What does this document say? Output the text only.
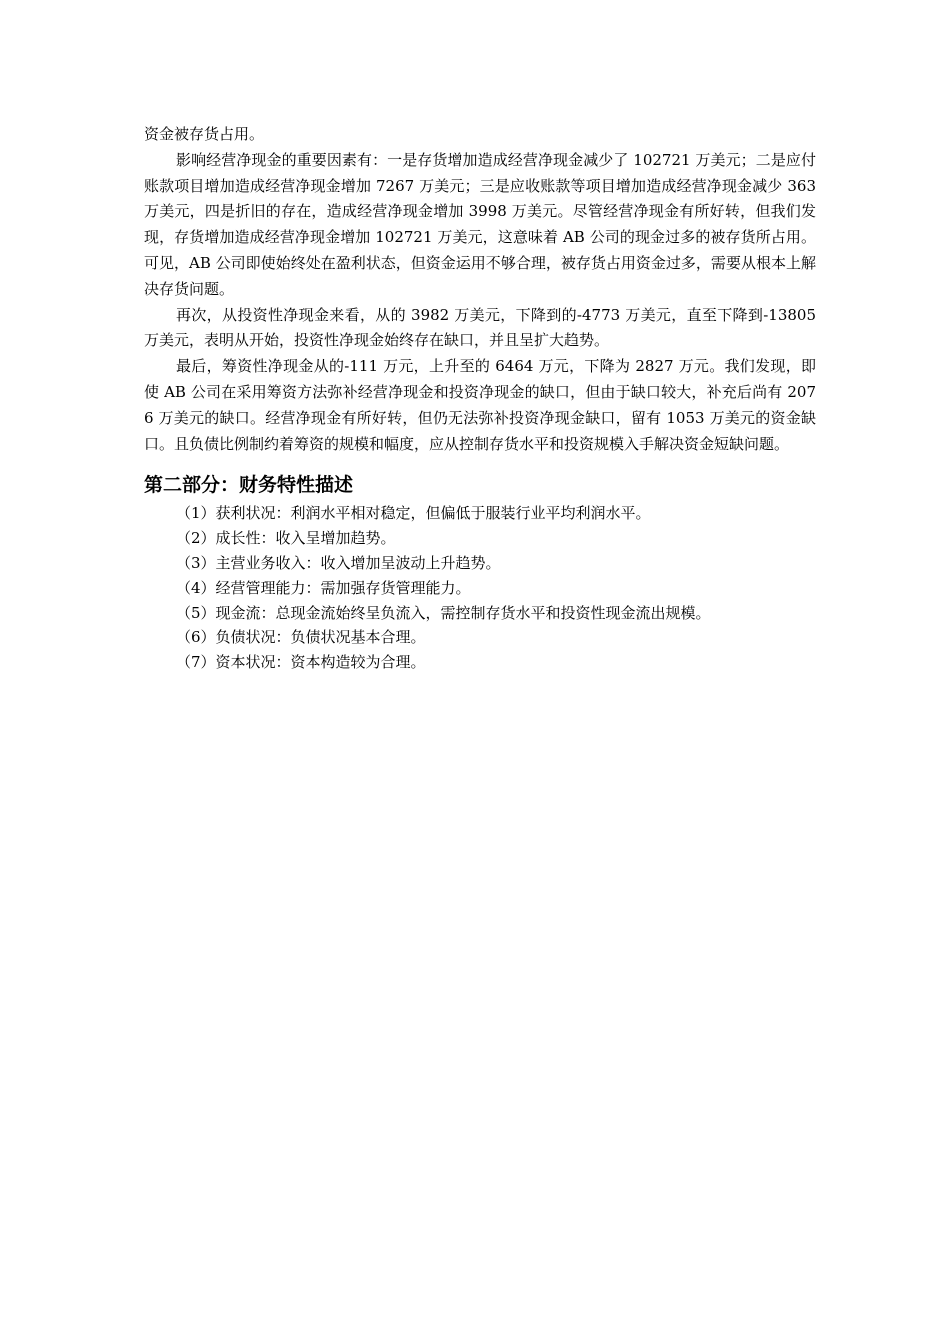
资金被存货占用。

影响经营净现金的重要因素有：一是存货增加造成经营净现金减少了 102721 万美元；二是应付账款项目增加造成经营净现金增加 7267 万美元；三是应收账款等项目增加造成经营净现金减少 363 万美元，四是折旧的存在，造成经营净现金增加 3998 万美元。尽管经营净现金有所好转，但我们发现，存货增加造成经营净现金增加 102721 万美元，这意味着 AB 公司的现金过多的被存货所占用。可见，AB 公司即使始终处在盈利状态，但资金运用不够合理，被存货占用资金过多，需要从根本上解决存货问题。

再次，从投资性净现金来看，从的 3982 万美元，下降到的-4773 万美元，直至下降到-13805 万美元，表明从开始，投资性净现金始终存在缺口，并且呈扩大趋势。

最后，筹资性净现金从的-111 万元，上升至的 6464 万元，下降为 2827 万元。我们发现，即使 AB 公司在采用筹资方法弥补经营净现金和投资净现金的缺口，但由于缺口较大，补充后尚有 2076 万美元的缺口。经营净现金有所好转，但仍无法弥补投资净现金缺口，留有 1053 万美元的资金缺口。且负债比例制约着筹资的规模和幅度，应从控制存货水平和投资规模入手解决资金短缺问题。

第二部分：财务特性描述
（1）获利状况：利润水平相对稳定，但偏低于服装行业平均利润水平。
（2）成长性：收入呈增加趋势。
（3）主营业务收入：收入增加呈波动上升趋势。
（4）经营管理能力：需加强存货管理能力。
（5）现金流：总现金流始终呈负流入，需控制存货水平和投资性现金流出规模。
（6）负债状况：负债状况基本合理。
（7）资本状况：资本构造较为合理。
